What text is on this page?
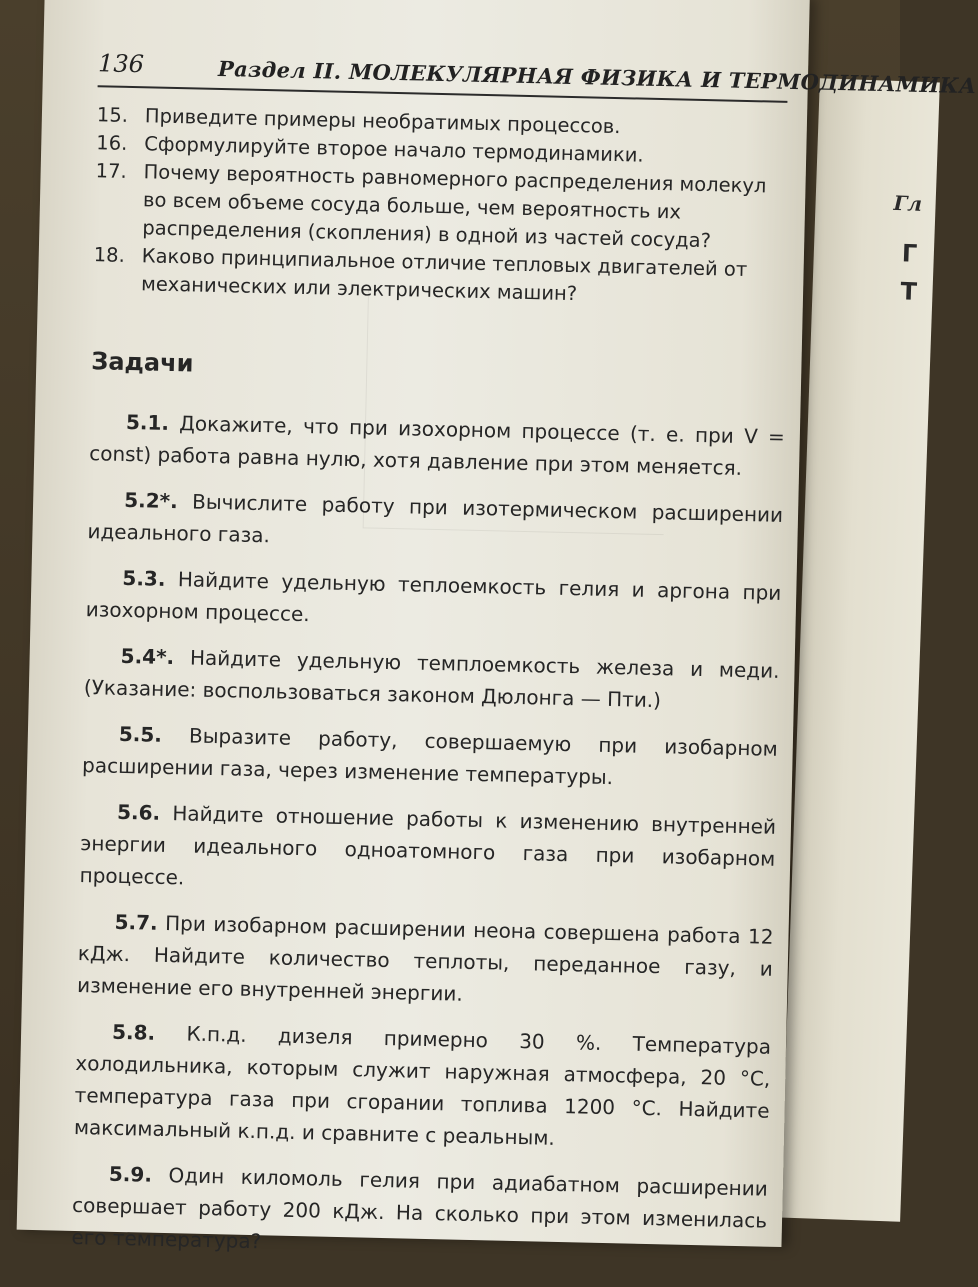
Гл
Г
Т
136	Раздел II. МОЛЕКУЛЯРНАЯ ФИЗИКА И ТЕРМОДИНАМИКА
15. Приведите примеры необратимых процессов.
16. Сформулируйте второе начало термодинамики.
17. Почему вероятность равномерного распределения молекул во всем объеме сосуда больше, чем вероятность их распределения (скопления) в одной из частей сосуда?
18. Каково принципиальное отличие тепловых двигателей от механических или электрических машин?
Задачи

5.1. Докажите, что при изохорном процессе (т. е. при V = const) работа равна нулю, хотя давление при этом меняется.

5.2*. Вычислите работу при изотермическом расширении идеального газа.

5.3. Найдите удельную теплоемкость гелия и аргона при изохорном процессе.

5.4*. Найдите удельную темплоемкость железа и меди. (Указание: воспользоваться законом Дюлонга — Пти.)

5.5. Выразите работу, совершаемую при изобарном расширении газа, через изменение температуры.

5.6. Найдите отношение работы к изменению внутренней энергии идеального одноатомного газа при изобарном процессе.

5.7. При изобарном расширении неона совершена работа 12 кДж. Найдите количество теплоты, переданное газу, и изменение его внутренней энергии.

5.8. К.п.д. дизеля примерно 30 %. Температура холодильника, которым служит наружная атмосфера, 20 °C, температура газа при сгорании топлива 1200 °C. Найдите максимальный к.п.д. и сравните с реальным.

5.9. Один киломоль гелия при адиабатном расширении совершает работу 200 кДж. На сколько при этом изменилась его температура?
